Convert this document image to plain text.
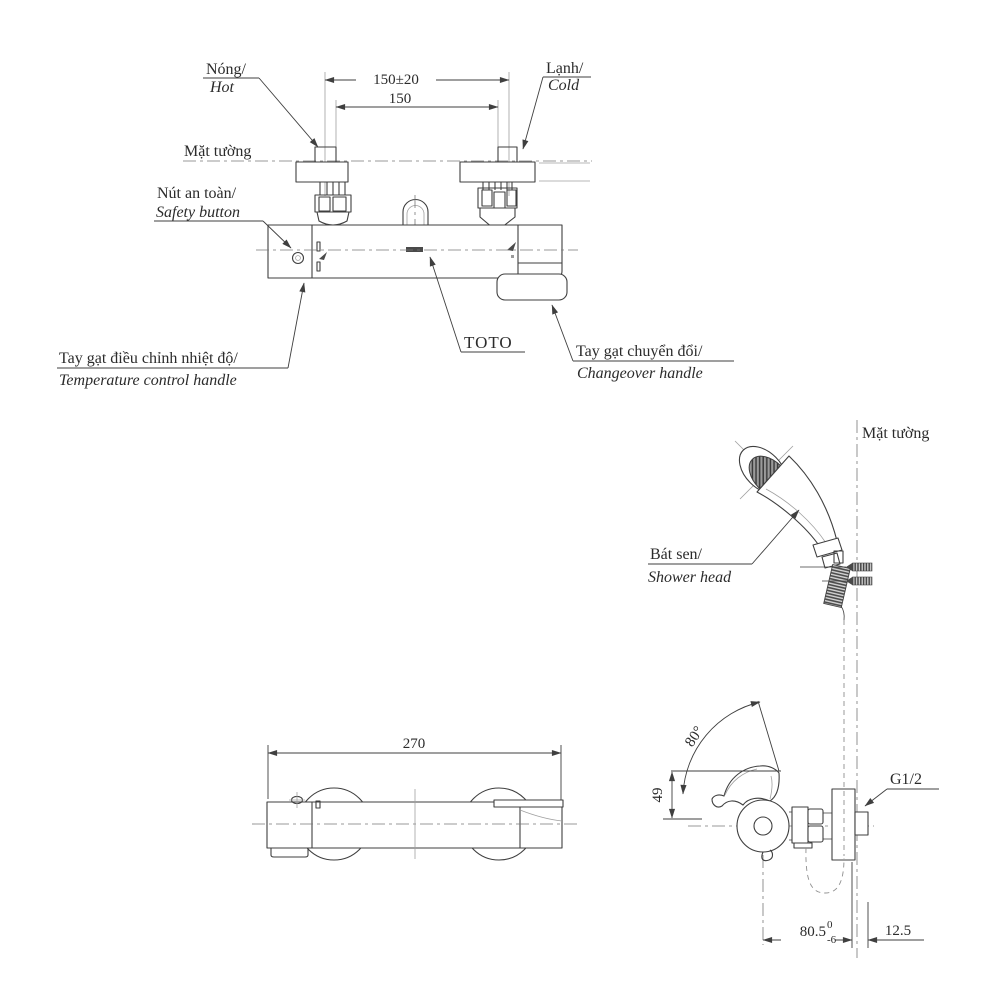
150±20
150
Nóng/
Hot
Lạnh/
Cold
Mặt tường
Nút an toàn/
Safety button
Tay gạt điều chỉnh nhiệt độ/
Temperature control handle
TOTO	Tay gạt chuyển đổi/
Changeover handle
270
Mặt tường
Bát sen/
Shower head
80°
49
G1/2
80.5 0
-6
12.5
